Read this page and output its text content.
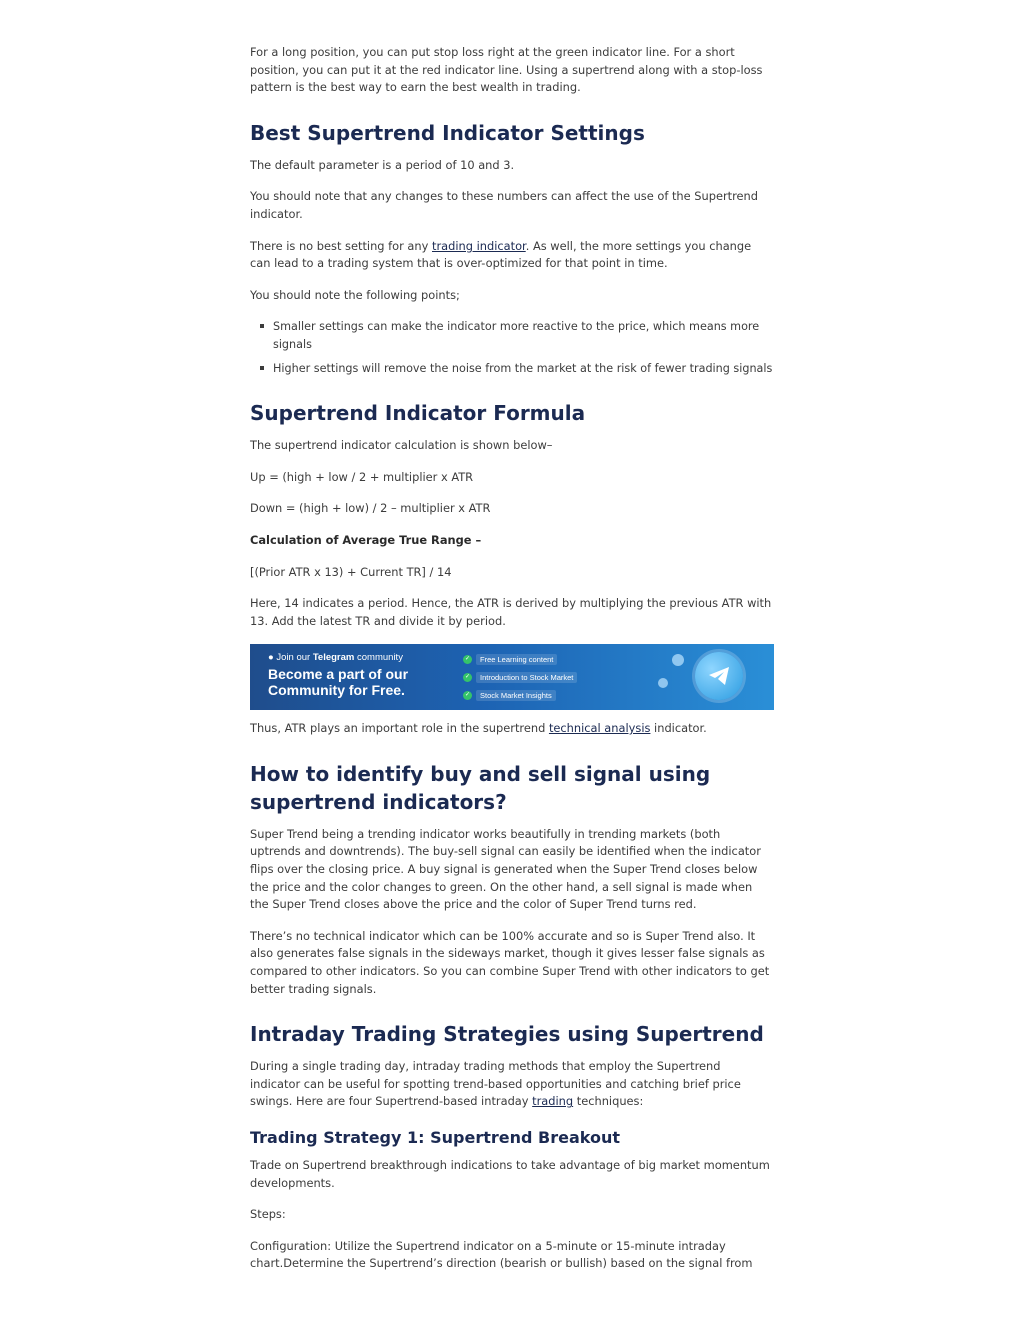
For a long position, you can put stop loss right at the green indicator line. For a short position, you can put it at the red indicator line. Using a supertrend along with a stop-loss pattern is the best way to earn the best wealth in trading.

Best Supertrend Indicator Settings

The default parameter is a period of 10 and 3.

You should note that any changes to these numbers can affect the use of the Supertrend indicator.

There is no best setting for any trading indicator. As well, the more settings you change can lead to a trading system that is over-optimized for that point in time.

You should note the following points;

Smaller settings can make the indicator more reactive to the price, which means more signals
Higher settings will remove the noise from the market at the risk of fewer trading signals
Supertrend Indicator Formula

The supertrend indicator calculation is shown below–

Up = (high + low / 2 + multiplier x ATR

Down = (high + low) / 2 – multiplier x ATR

Calculation of Average True Range –

[(Prior ATR x 13) + Current TR] / 14

Here, 14 indicates a period. Hence, the ATR is derived by multiplying the previous ATR with 13. Add the latest TR and divide it by period.

● Join our Telegram community
Become a part of our
Community for Free.
✓	Free Learning content
✓	Introduction to Stock Market
✓	Stock Market Insights

Thus, ATR plays an important role in the supertrend technical analysis indicator.

How to identify buy and sell signal using supertrend indicators?

Super Trend being a trending indicator works beautifully in trending markets (both uptrends and downtrends). The buy-sell signal can easily be identified when the indicator flips over the closing price. A buy signal is generated when the Super Trend closes below the price and the color changes to green. On the other hand, a sell signal is made when the Super Trend closes above the price and the color of Super Trend turns red.

There’s no technical indicator which can be 100% accurate and so is Super Trend also. It also generates false signals in the sideways market, though it gives lesser false signals as compared to other indicators. So you can combine Super Trend with other indicators to get better trading signals.

Intraday Trading Strategies using Supertrend

During a single trading day, intraday trading methods that employ the Supertrend indicator can be useful for spotting trend-based opportunities and catching brief price swings. Here are four Supertrend-based intraday trading techniques:

Trading Strategy 1: Supertrend Breakout

Trade on Supertrend breakthrough indications to take advantage of big market momentum developments.

Steps:

Configuration: Utilize the Supertrend indicator on a 5-minute or 15-minute intraday chart.Determine the Supertrend’s direction (bearish or bullish) based on the signal from
